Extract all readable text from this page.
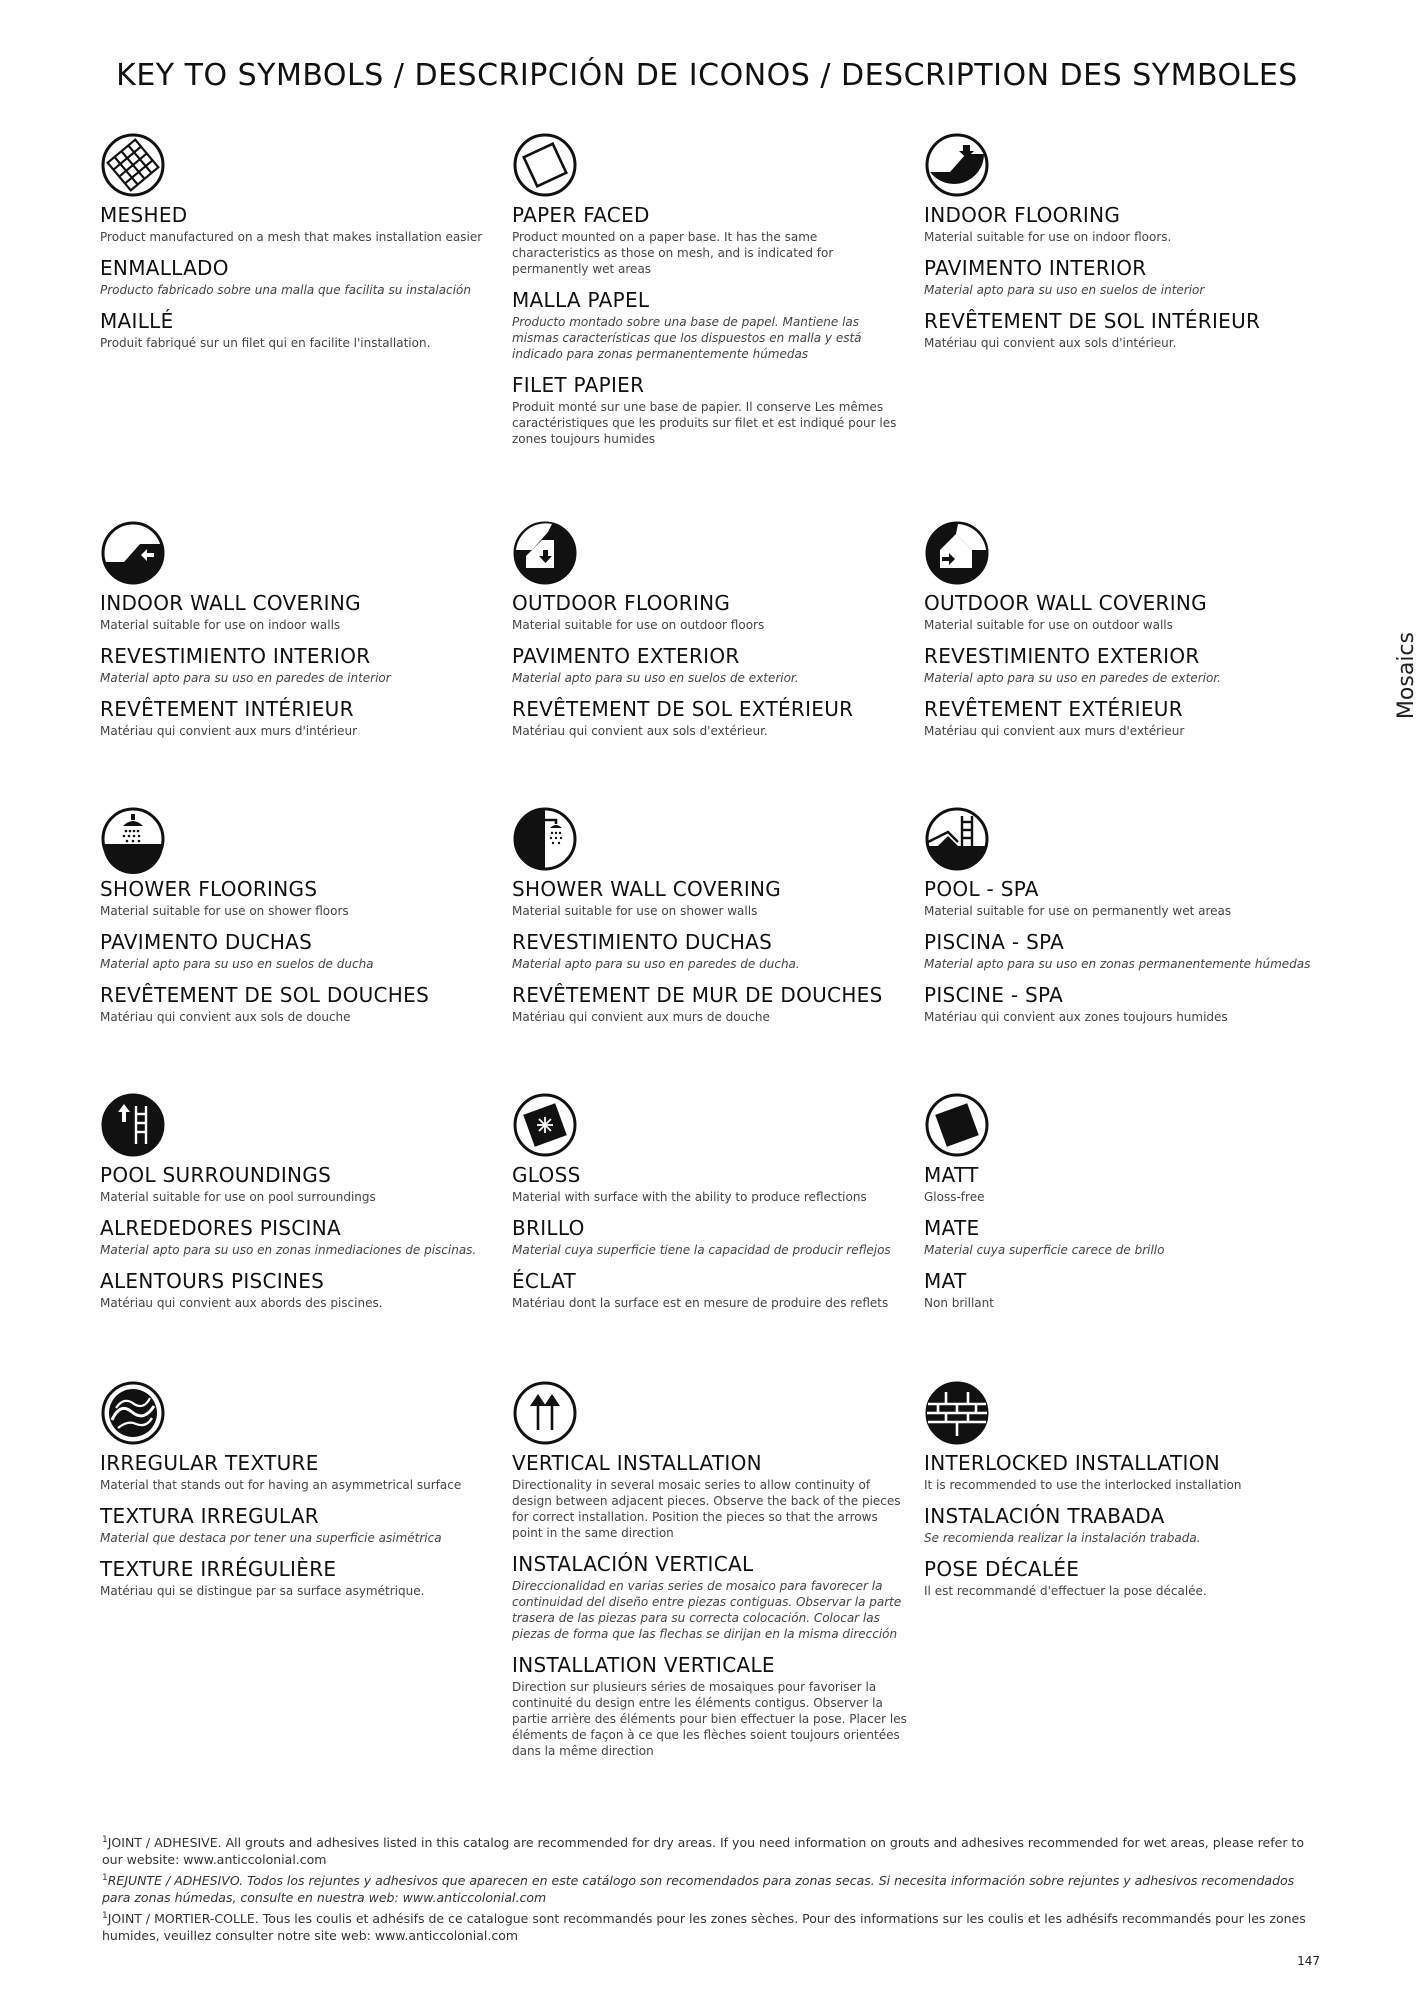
KEY TO SYMBOLS / DESCRIPCIÓN DE ICONOS / DESCRIPTION DES SYMBOLES
Mosaics
MESHED
Product manufactured on a mesh that makes installation easier
ENMALLADO
Producto fabricado sobre una malla que facilita su instalación
MAILLÉ
Produit fabriqué sur un filet qui en facilite l'installation.
PAPER FACED
Product mounted on a paper base. It has the same characteristics as those on mesh, and is indicated for permanently wet areas
MALLA PAPEL
Producto montado sobre una base de papel. Mantiene las mismas características que los dispuestos en malla y está indicado para zonas permanentemente húmedas
FILET PAPIER
Produit monté sur une base de papier. Il conserve Les mêmes caractéristiques que les produits sur filet et est indiqué pour les zones toujours humides
INDOOR FLOORING
Material suitable for use on indoor floors.
PAVIMENTO INTERIOR
Material apto para su uso en suelos de interior
REVÊTEMENT DE SOL INTÉRIEUR
Matériau qui convient aux sols d'intérieur.
INDOOR WALL COVERING
Material suitable for use on indoor walls
REVESTIMIENTO INTERIOR
Material apto para su uso en paredes de interior
REVÊTEMENT INTÉRIEUR
Matériau qui convient aux murs d'intérieur
OUTDOOR FLOORING
Material suitable for use on outdoor floors
PAVIMENTO EXTERIOR
Material apto para su uso en suelos de exterior.
REVÊTEMENT DE SOL EXTÉRIEUR
Matériau qui convient aux sols d'extérieur.
OUTDOOR WALL COVERING
Material suitable for use on outdoor walls
REVESTIMIENTO EXTERIOR
Material apto para su uso en paredes de exterior.
REVÊTEMENT EXTÉRIEUR
Matériau qui convient aux murs d'extérieur
SHOWER FLOORINGS
Material suitable for use on shower floors
PAVIMENTO DUCHAS
Material apto para su uso en suelos de ducha
REVÊTEMENT DE SOL DOUCHES
Matériau qui convient aux sols de douche
SHOWER WALL COVERING
Material suitable for use on shower walls
REVESTIMIENTO DUCHAS
Material apto para su uso en paredes de ducha.
REVÊTEMENT DE MUR DE DOUCHES
Matériau qui convient aux murs de douche
POOL - SPA
Material suitable for use on permanently wet areas
PISCINA - SPA
Material apto para su uso en zonas permanentemente húmedas
PISCINE - SPA
Matériau qui convient aux zones toujours humides
POOL SURROUNDINGS
Material suitable for use on pool surroundings
ALREDEDORES PISCINA
Material apto para su uso en zonas inmediaciones de piscinas.
ALENTOURS PISCINES
Matériau qui convient aux abords des piscines.
GLOSS
Material with surface with the ability to produce reflections
BRILLO
Material cuya superficie tiene la capacidad de producir reflejos
ÉCLAT
Matériau dont la surface est en mesure de produire des reflets
MATT
Gloss-free
MATE
Material cuya superficie carece de brillo
MAT
Non brillant
IRREGULAR TEXTURE
Material that stands out for having an asymmetrical surface
TEXTURA IRREGULAR
Material que destaca por tener una superficie asimétrica
TEXTURE IRRÉGULIÈRE
Matériau qui se distingue par sa surface asymétrique.
VERTICAL INSTALLATION
Directionality in several mosaic series to allow continuity of design between adjacent pieces. Observe the back of the pieces for correct installation. Position the pieces so that the arrows point in the same direction
INSTALACIÓN VERTICAL
Direccionalidad en varias series de mosaico para favorecer la continuidad del diseño entre piezas contiguas. Observar la parte trasera de las piezas para su correcta colocación. Colocar las piezas de forma que las flechas se dirijan en la misma dirección
INSTALLATION VERTICALE
Direction sur plusieurs séries de mosaiques pour favoriser la continuité du design entre les éléments contigus. Observer la partie arrière des éléments pour bien effectuer la pose. Placer les éléments de façon à ce que les flèches soient toujours orientées dans la même direction
INTERLOCKED INSTALLATION
It is recommended to use the interlocked installation
INSTALACIÓN TRABADA
Se recomienda realizar la instalación trabada.
POSE DÉCALÉE
Il est recommandé d'effectuer la pose décalée.
$^1$JOINT / ADHESIVE. All grouts and adhesives listed in this catalog are recommended for dry areas. If you need information on grouts and adhesives recommended for wet areas, please refer to our website: www.anticcolonial.com
$^1$REJUNTE / ADHESIVO. Todos los rejuntes y adhesivos que aparecen en este catálogo son recomendados para zonas secas. Si necesita información sobre rejuntes y adhesivos recomendados para zonas húmedas, consulte en nuestra web: www.anticcolonial.com
$^1$JOINT / MORTIER-COLLE. Tous les coulis et adhésifs de ce catalogue sont recommandés pour les zones sèches. Pour des informations sur les coulis et les adhésifs recommandés pour les zones humides, veuillez consulter notre site web: www.anticcolonial.com
147
